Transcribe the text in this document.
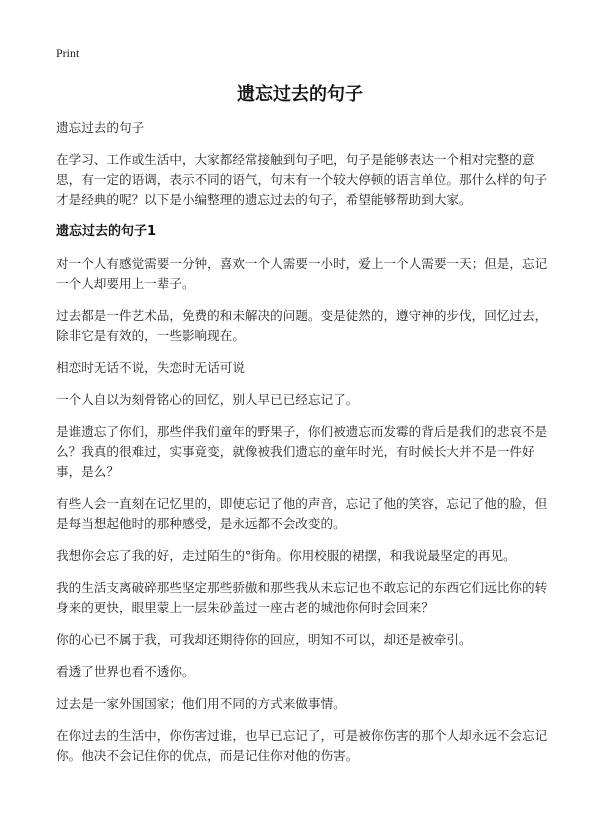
Print
遗忘过去的句子

遗忘过去的句子

在学习、工作或生活中，大家都经常接触到句子吧，句子是能够表达一个相对完整的意思，有一定的语调，表示不同的语气，句末有一个较大停顿的语言单位。那什么样的句子才是经典的呢？以下是小编整理的遗忘过去的句子，希望能够帮助到大家。

遗忘过去的句子1

对一个人有感觉需要一分钟，喜欢一个人需要一小时，爱上一个人需要一天；但是，忘记一个人却要用上一辈子。

过去都是一件艺术品，免费的和未解决的问题。变是徒然的，遵守神的步伐，回忆过去，除非它是有效的，一些影响现在。

相恋时无话不说，失恋时无话可说

一个人自以为刻骨铭心的回忆，别人早已已经忘记了。

是谁遗忘了你们，那些伴我们童年的野果子，你们被遗忘而发霉的背后是我们的悲哀不是么？我真的很难过，实事竟变，就像被我们遗忘的童年时光，有时候长大并不是一件好事，是么？

有些人会一直刻在记忆里的，即使忘记了他的声音，忘记了他的笑容，忘记了他的脸，但是每当想起他时的那种感受，是永远都不会改变的。

我想你会忘了我的好，走过陌生的°街角。你用校服的裙摆，和我说最坚定的再见。

我的生活支离破碎那些坚定那些骄傲和那些我从未忘记也不敢忘记的东西它们远比你的转身来的更快，眼里蒙上一层朱砂盖过一座古老的城池你何时会回来？

你的心已不属于我，可我却还期待你的回应，明知不可以，却还是被牵引。

看透了世界也看不透你。

过去是一家外国国家；他们用不同的方式来做事情。

在你过去的生活中，你伤害过谁，也早已忘记了，可是被你伤害的那个人却永远不会忘记你。他决不会记住你的优点，而是记住你对他的伤害。
